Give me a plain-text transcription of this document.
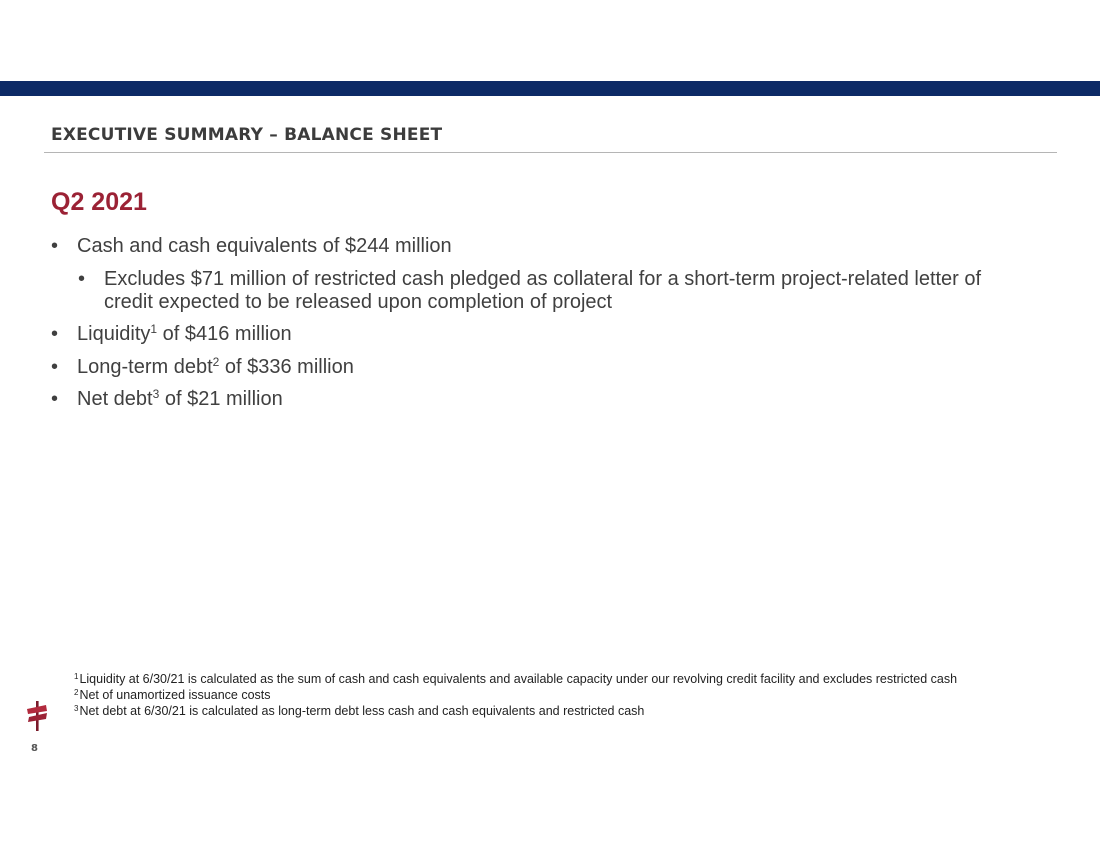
EXECUTIVE SUMMARY – BALANCE SHEET
Q2 2021
• Cash and cash equivalents of $244 million
• Excludes $71 million of restricted cash pledged as collateral for a short-term project-related letter of credit expected to be released upon completion of project
• Liquidity$^1$ of $416 million
• Long-term debt$^2$ of $336 million
• Net debt$^3$ of $21 million
$^1$Liquidity at 6/30/21 is calculated as the sum of cash and cash equivalents and available capacity under our revolving credit facility and excludes restricted cash
$^2$Net of unamortized issuance costs
$^3$Net debt at 6/30/21 is calculated as long-term debt less cash and cash equivalents and restricted cash
8
